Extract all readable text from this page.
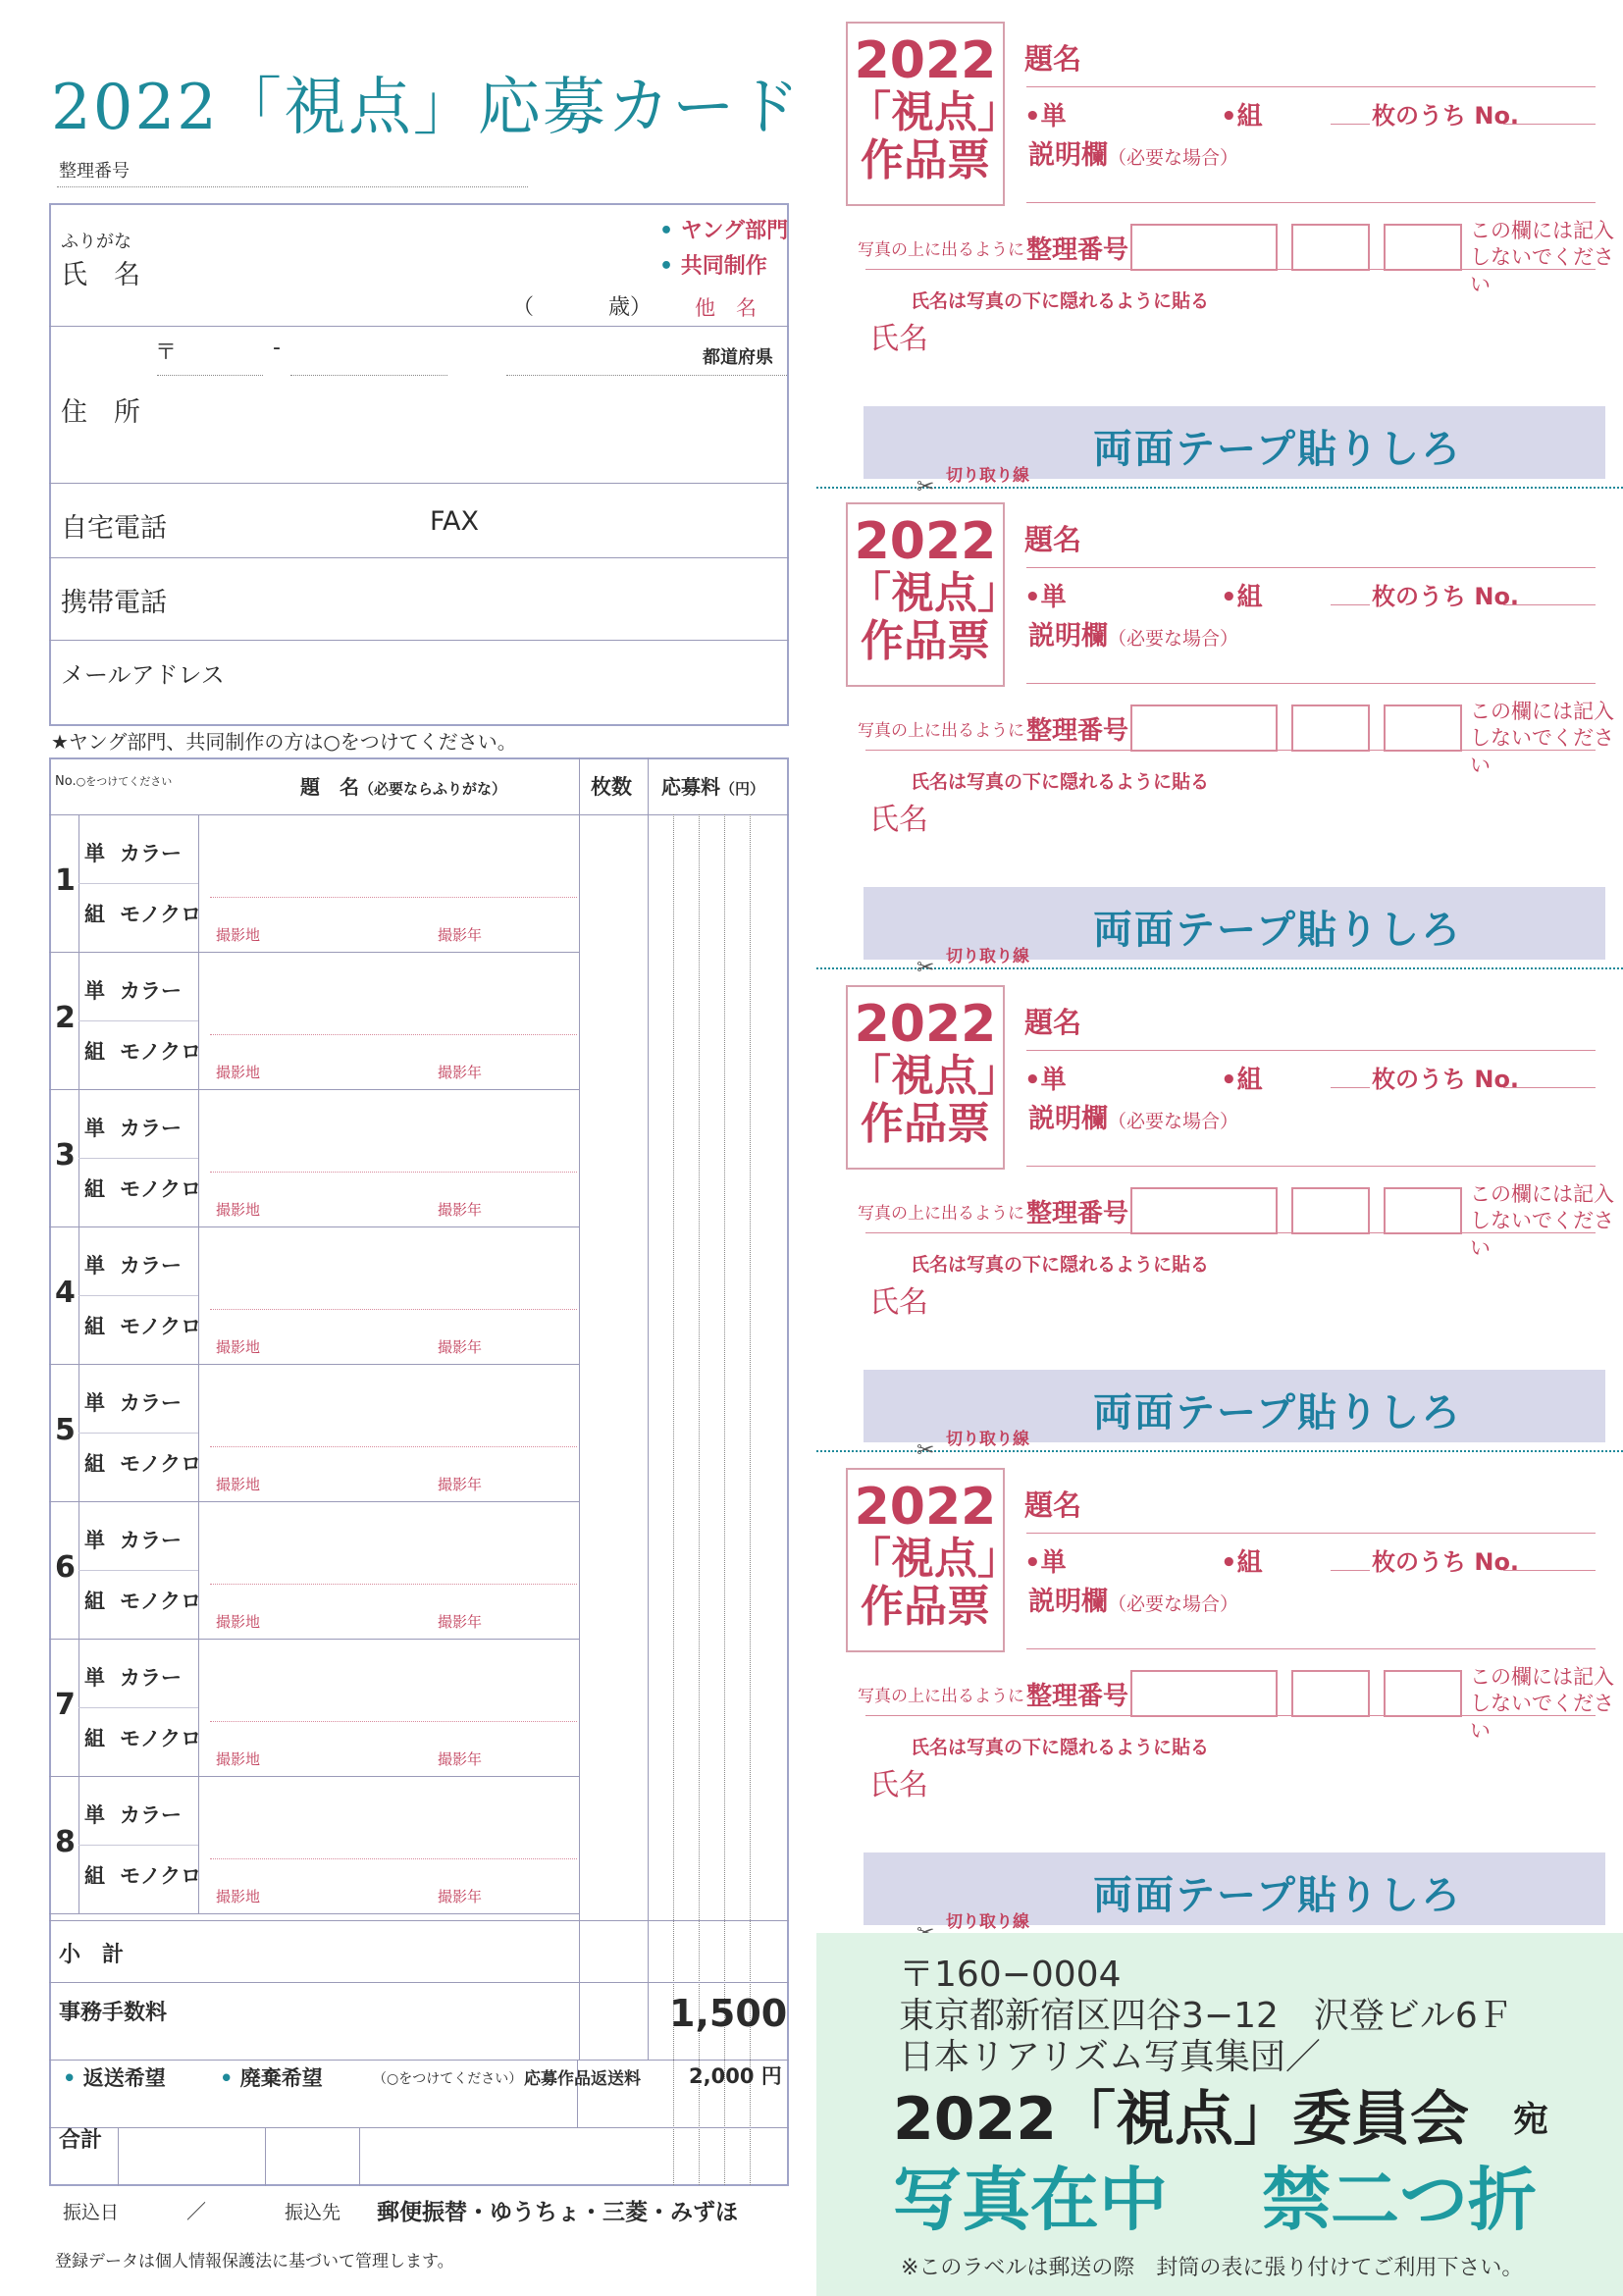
2022「視点」応募カード
整理番号
ふりがな
氏　名
• ヤング部門
• 共同制作
（	歳） 他　名
〒	-	都道府県
住　所
自宅電話	FAX
携帯電話
メールアドレス
★ヤング部門、共同制作の方は○をつけてください。
No.○をつけてください	題　名（必要ならふりがな）	枚数 応募料（円）
1
単 カラー
組 モノクロ
撮影地	撮影年
2
単 カラー
組 モノクロ
撮影地	撮影年
3
単 カラー
組 モノクロ
撮影地	撮影年
4
単 カラー
組 モノクロ
撮影地	撮影年
5
単 カラー
組 モノクロ
撮影地	撮影年
6
単 カラー
組 モノクロ
撮影地	撮影年
7
単 カラー
組 モノクロ
撮影地	撮影年
8
単 カラー
組 モノクロ
撮影地	撮影年
小　計
事務手数料	1,500
• 返送希望	• 廃棄希望	（○をつけてください） 応募作品返送料 2,000 円
合計
振込日	／	振込先 郵便振替・ゆうちょ・三菱・みずほ
登録データは個人情報保護法に基づいて管理します。
2022
「視点」
作品票
題名
•単	•組	枚のうち No.
説明欄（必要な場合）
写真の上に出るように 整理番号
この欄には記入しないでください
氏名は写真の下に隠れるように貼る
氏名
両面テープ貼りしろ
切り取り線
✂
2022
「視点」
作品票
題名
•単	•組	枚のうち No.
説明欄（必要な場合）
写真の上に出るように 整理番号
この欄には記入しないでください
氏名は写真の下に隠れるように貼る
氏名
両面テープ貼りしろ
切り取り線
✂
2022
「視点」
作品票
題名
•単	•組	枚のうち No.
説明欄（必要な場合）
写真の上に出るように 整理番号
この欄には記入しないでください
氏名は写真の下に隠れるように貼る
氏名
両面テープ貼りしろ
切り取り線
✂
2022
「視点」
作品票
題名
•単	•組	枚のうち No.
説明欄（必要な場合）
写真の上に出るように 整理番号
この欄には記入しないでください
氏名は写真の下に隠れるように貼る
氏名
両面テープ貼りしろ
切り取り線
〒160−0004
東京都新宿区四谷3−12　沢登ビル6Ｆ
日本リアリズム写真集団／
2022「視点」委員会 宛
写真在中 禁二つ折
※このラベルは郵送の際　封筒の表に張り付けてご利用下さい。
